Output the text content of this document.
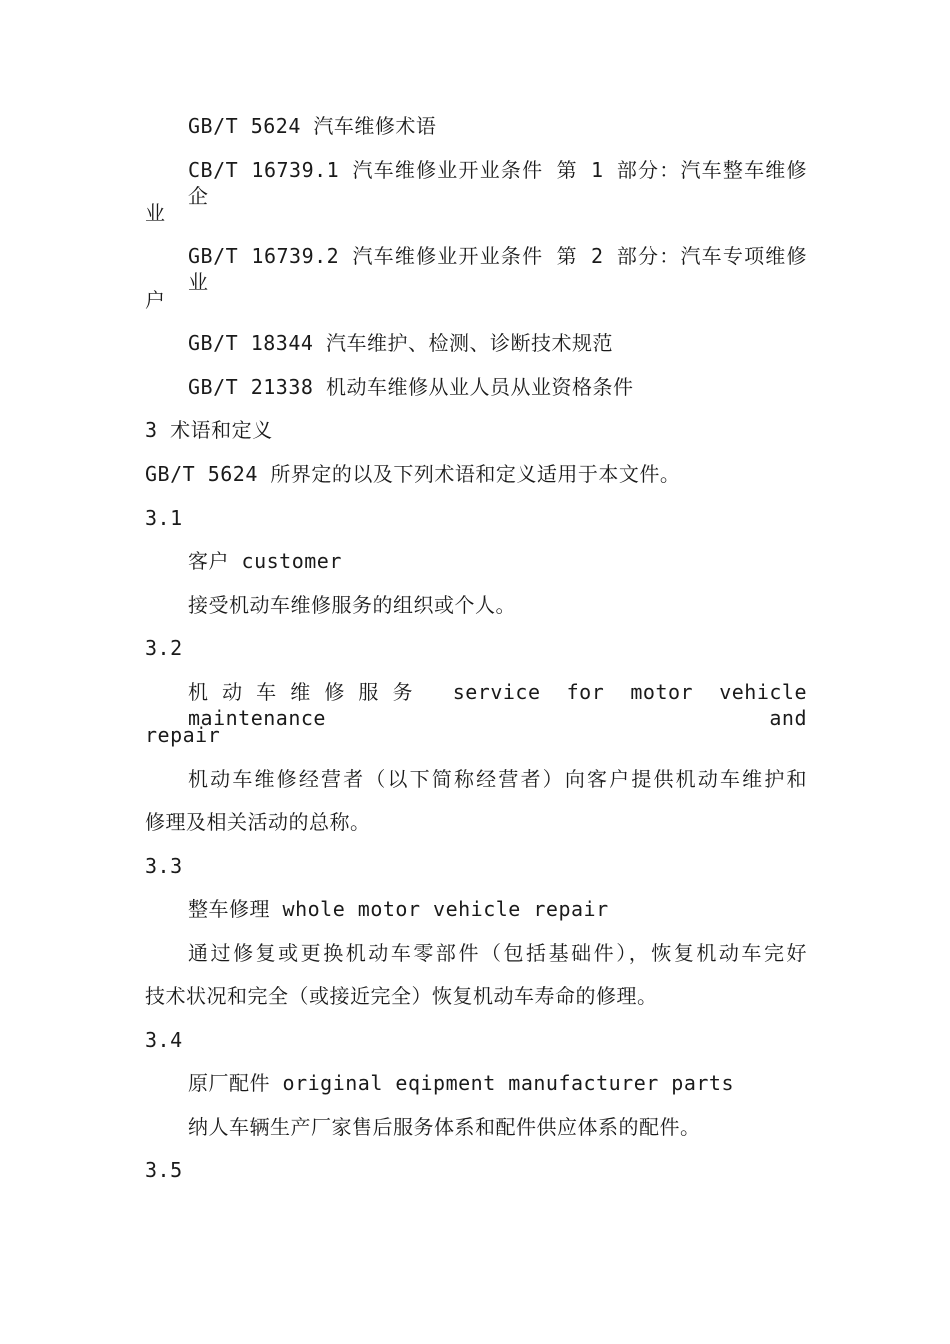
GB/T 5624 汽车维修术语
CB/T 16739.1 汽车维修业开业条件 第 1 部分：汽车整车维修企
业
GB/T 16739.2 汽车维修业开业条件 第 2 部分：汽车专项维修业
户
GB/T 18344 汽车维护、检测、诊断技术规范
GB/T 21338 机动车维修从业人员从业资格条件
3 术语和定义
GB/T 5624 所界定的以及下列术语和定义适用于本文件。
3.1
客户 customer
接受机动车维修服务的组织或个人。
3.2
机动车维修服务 service for motor vehicle maintenance and
repair
机动车维修经营者（以下简称经营者）向客户提供机动车维护和
修理及相关活动的总称。
3.3
整车修理 whole motor vehicle repair
通过修复或更换机动车零部件（包括基础件），恢复机动车完好
技术状况和完全（或接近完全）恢复机动车寿命的修理。
3.4
原厂配件 original eqipment manufacturer parts
纳人车辆生产厂家售后服务体系和配件供应体系的配件。
3.5
